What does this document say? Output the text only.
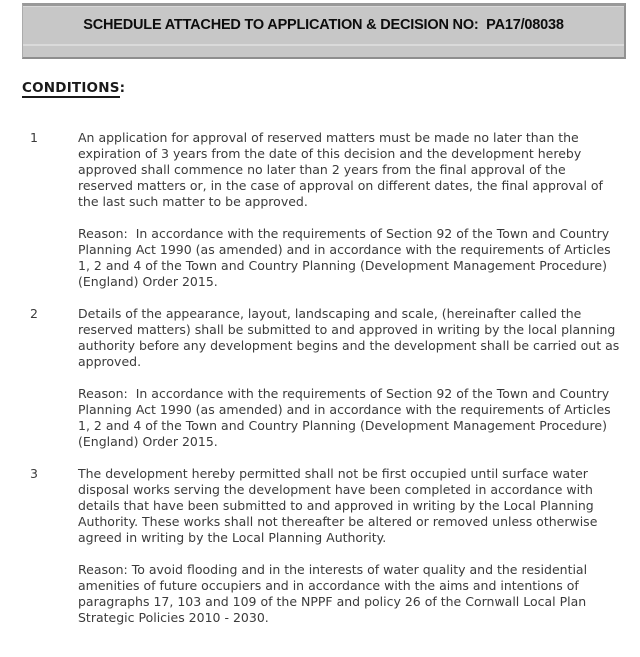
SCHEDULE ATTACHED TO APPLICATION & DECISION NO:  PA17/08038
CONDITIONS:
1	An application for approval of reserved matters must be made no later than the expiration of 3 years from the date of this decision and the development hereby approved shall commence no later than 2 years from the final approval of the reserved matters or, in the case of approval on different dates, the final approval of the last such matter to be approved.

Reason:  In accordance with the requirements of Section 92 of the Town and Country Planning Act 1990 (as amended) and in accordance with the requirements of Articles 1, 2 and 4 of the Town and Country Planning (Development Management Procedure) (England) Order 2015.

2	Details of the appearance, layout, landscaping and scale, (hereinafter called the reserved matters) shall be submitted to and approved in writing by the local planning authority before any development begins and the development shall be carried out as approved.

Reason:  In accordance with the requirements of Section 92 of the Town and Country Planning Act 1990 (as amended) and in accordance with the requirements of Articles 1, 2 and 4 of the Town and Country Planning (Development Management Procedure) (England) Order 2015.

3	The development hereby permitted shall not be first occupied until surface water disposal works serving the development have been completed in accordance with details that have been submitted to and approved in writing by the Local Planning Authority. These works shall not thereafter be altered or removed unless otherwise agreed in writing by the Local Planning Authority.

Reason: To avoid flooding and in the interests of water quality and the residential amenities of future occupiers and in accordance with the aims and intentions of paragraphs 17, 103 and 109 of the NPPF and policy 26 of the Cornwall Local Plan Strategic Policies 2010 - 2030.
